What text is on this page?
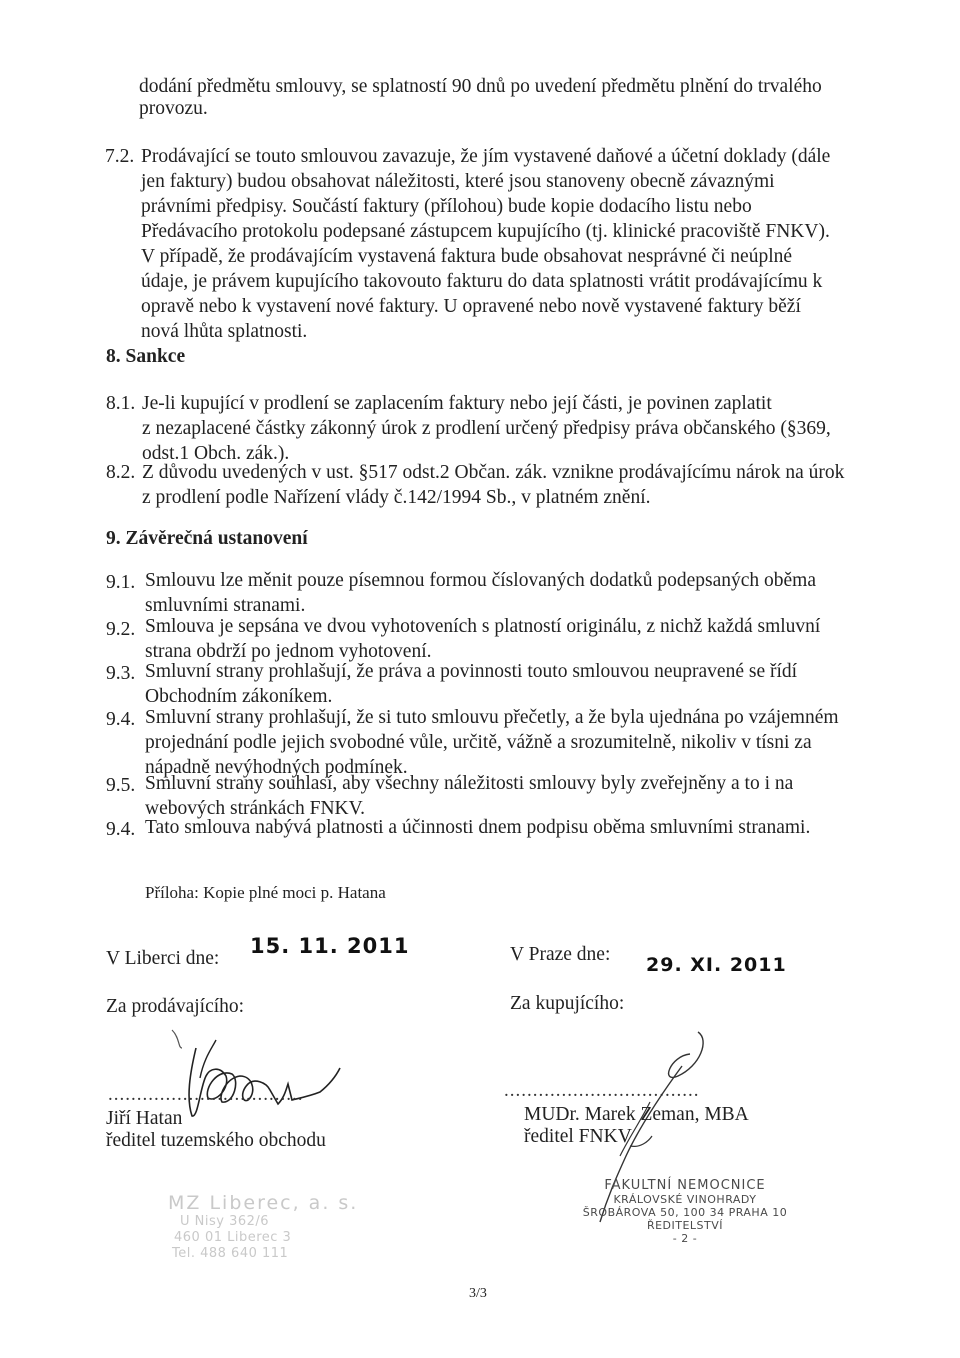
dodání předmětu smlouvy, se splatností 90 dnů po uvedení předmětu plnění do trvalého
provozu.
7.2. Prodávající se touto smlouvou zavazuje, že jím vystavené daňové a účetní doklady (dále
jen faktury) budou obsahovat náležitosti, které jsou stanoveny obecně závaznými
právními předpisy. Součástí faktury (přílohou) bude kopie dodacího listu nebo
Předávacího protokolu podepsané zástupcem kupujícího (tj. klinické pracoviště FNKV).
V případě, že prodávajícím vystavená faktura bude obsahovat nesprávné či neúplné
údaje, je právem kupujícího takovouto fakturu do data splatnosti vrátit prodávajícímu k
opravě nebo k vystavení nové faktury. U opravené nebo nově vystavené faktury běží
nová lhůta splatnosti.
8. Sankce
8.1. Je-li kupující v prodlení se zaplacením faktury nebo její části, je povinen zaplatit
z nezaplacené částky zákonný úrok z prodlení určený předpisy práva občanského (§369,
odst.1 Obch. zák.).
8.2. Z důvodu uvedených v ust. §517 odst.2 Občan. zák. vznikne prodávajícímu nárok na úrok
z prodlení podle Nařízení vlády č.142/1994 Sb., v platném znění.
9. Závěrečná ustanovení
9.1. Smlouvu lze měnit pouze písemnou formou číslovaných dodatků podepsaných oběma
smluvními stranami.
9.2. Smlouva je sepsána ve dvou vyhotoveních s platností originálu, z nichž každá smluvní
strana obdrží po jednom vyhotovení.
9.3. Smluvní strany prohlašují, že práva a povinnosti touto smlouvou neupravené se řídí
Obchodním zákoníkem.
9.4. Smluvní strany prohlašují, že si tuto smlouvu přečetly, a že byla ujednána po vzájemném
projednání podle jejich svobodné vůle, určitě, vážně a srozumitelně, nikoliv v tísni za
nápadně nevýhodných podmínek.
9.5. Smluvní strany souhlasí, aby všechny náležitosti smlouvy byly zveřejněny a to i na
webových stránkách FNKV.
9.4. Tato smlouva nabývá platnosti a účinnosti dnem podpisu oběma smluvními stranami.
Příloha: Kopie plné moci p. Hatana
V Liberci dne:
15. 11. 2011
Za prodávajícího:
..................................
Jiří Hatan
ředitel tuzemského obchodu
MZ Liberec, a. s.
U Nisy 362/6
460 01 Liberec 3
Tel. 488 640 111
V Praze dne: 29. XI. 2011
Za kupujícího:
..................................
MUDr. Marek Zeman, MBA
ředitel FNKV
FAKULTNÍ NEMOCNICE
KRÁLOVSKÉ VINOHRADY
ŠROBÁROVA 50, 100 34 PRAHA 10
ŘEDITELSTVÍ
- 2 -
3/3
